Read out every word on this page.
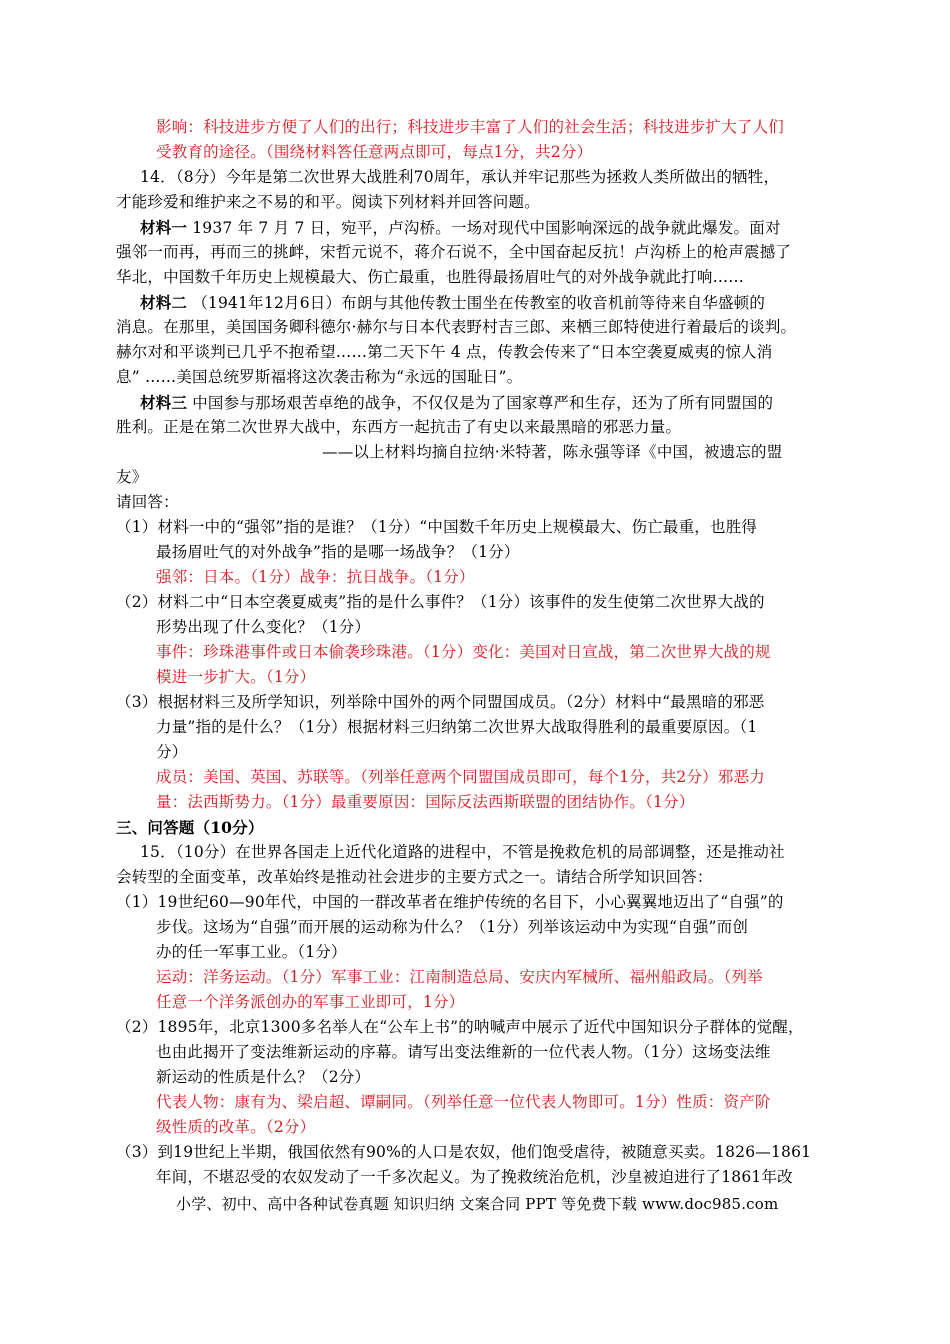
影响：科技进步方便了人们的出行；科技进步丰富了人们的社会生活；科技进步扩大了人们
受教育的途径。（围绕材料答任意两点即可，每点1分，共2分）
14．（8分）今年是第二次世界大战胜利70周年，承认并牢记那些为拯救人类所做出的牺牲，
才能珍爱和维护来之不易的和平。阅读下列材料并回答问题。
材料一 1937 年 7 月 7 日，宛平，卢沟桥。一场对现代中国影响深远的战争就此爆发。面对
强邻一而再，再而三的挑衅，宋哲元说不，蒋介石说不，全中国奋起反抗！卢沟桥上的枪声震撼了
华北，中国数千年历史上规模最大、伤亡最重，也胜得最扬眉吐气的对外战争就此打响……
材料二 （1941年12月6日）布朗与其他传教士围坐在传教室的收音机前等待来自华盛顿的
消息。在那里，美国国务卿科德尔·赫尔与日本代表野村吉三郎、来栖三郎特使进行着最后的谈判。
赫尔对和平谈判已几乎不抱希望……第二天下午 4 点，传教会传来了“日本空袭夏威夷的惊人消
息” ……美国总统罗斯福将这次袭击称为“永远的国耻日”。
材料三 中国参与那场艰苦卓绝的战争，不仅仅是为了国家尊严和生存，还为了所有同盟国的
胜利。正是在第二次世界大战中，东西方一起抗击了有史以来最黑暗的邪恶力量。
——以上材料均摘自拉纳·米特著，陈永强等译《中国，被遗忘的盟
友》
请回答：
（1）材料一中的“强邻”指的是谁？（1分）“中国数千年历史上规模最大、伤亡最重，也胜得
最扬眉吐气的对外战争”指的是哪一场战争？（1分）
强邻：日本。（1分）战争：抗日战争。（1分）
（2）材料二中“日本空袭夏威夷”指的是什么事件？（1分）该事件的发生使第二次世界大战的
形势出现了什么变化？（1分）
事件：珍珠港事件或日本偷袭珍珠港。（1分）变化：美国对日宣战，第二次世界大战的规
模进一步扩大。（1分）
（3）根据材料三及所学知识，列举除中国外的两个同盟国成员。（2分）材料中“最黑暗的邪恶
力量”指的是什么？（1分）根据材料三归纳第二次世界大战取得胜利的最重要原因。（1
分）
成员：美国、英国、苏联等。（列举任意两个同盟国成员即可，每个1分，共2分）邪恶力
量：法西斯势力。（1分）最重要原因：国际反法西斯联盟的团结协作。（1分）
三、问答题（10分）
15．（10分）在世界各国走上近代化道路的进程中，不管是挽救危机的局部调整，还是推动社
会转型的全面变革，改革始终是推动社会进步的主要方式之一。请结合所学知识回答：
（1）19世纪60—90年代，中国的一群改革者在维护传统的名目下，小心翼翼地迈出了“自强”的
步伐。这场为“自强”而开展的运动称为什么？（1分）列举该运动中为实现“自强”而创
办的任一军事工业。（1分）
运动：洋务运动。（1分）军事工业：江南制造总局、安庆内军械所、福州船政局。（列举
任意一个洋务派创办的军事工业即可，1分）
（2）1895年，北京1300多名举人在“公车上书”的呐喊声中展示了近代中国知识分子群体的觉醒，
也由此揭开了变法维新运动的序幕。请写出变法维新的一位代表人物。（1分）这场变法维
新运动的性质是什么？（2分）
代表人物：康有为、梁启超、谭嗣同。（列举任意一位代表人物即可。1分）性质：资产阶
级性质的改革。（2分）
（3）到19世纪上半期，俄国依然有90%的人口是农奴，他们饱受虐待，被随意买卖。1826—1861
年间，不堪忍受的农奴发动了一千多次起义。为了挽救统治危机，沙皇被迫进行了1861年改
小学、初中、高中各种试卷真题 知识归纳 文案合同 PPT 等免费下载 www.doc985.com
